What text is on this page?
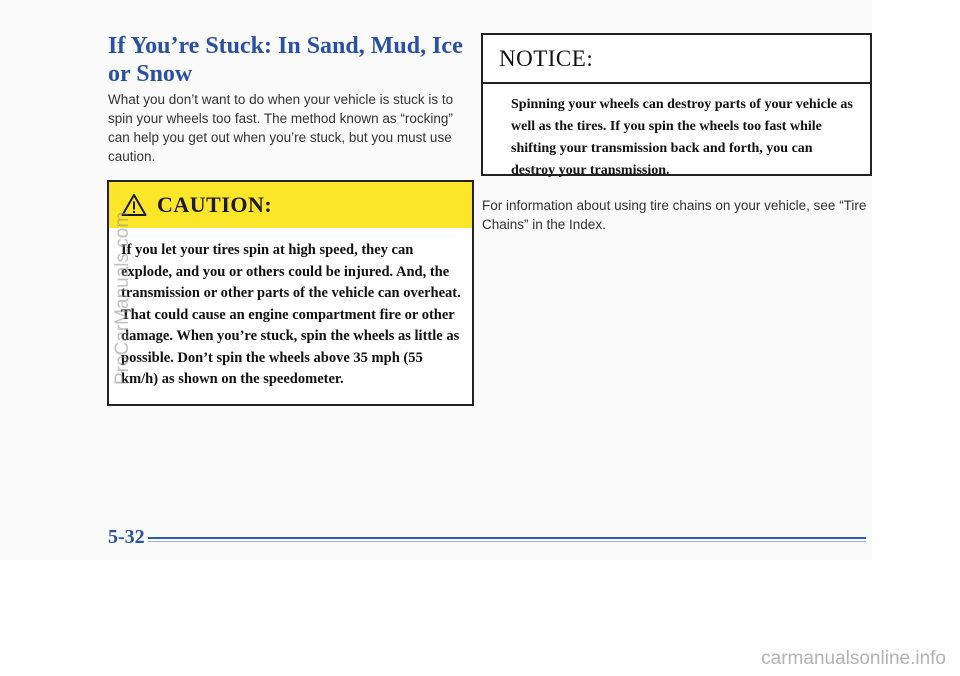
If You’re Stuck: In Sand, Mud, Ice or Snow

What you don’t want to do when your vehicle is stuck is to spin your wheels too fast. The method known as “rocking” can help you get out when you’re stuck, but you must use caution.

CAUTION:

If you let your tires spin at high speed, they can explode, and you or others could be injured. And, the transmission or other parts of the vehicle can overheat. That could cause an engine compartment fire or other damage. When you’re stuck, spin the wheels as little as possible. Don’t spin the wheels above 35 mph (55 km/h) as shown on the speedometer.

NOTICE:

Spinning your wheels can destroy parts of your vehicle as well as the tires. If you spin the wheels too fast while shifting your transmission back and forth, you can destroy your transmission.

For information about using tire chains on your vehicle, see “Tire Chains” in the Index.

5-32
ProCarManuals.com
carmanualsonline.info
